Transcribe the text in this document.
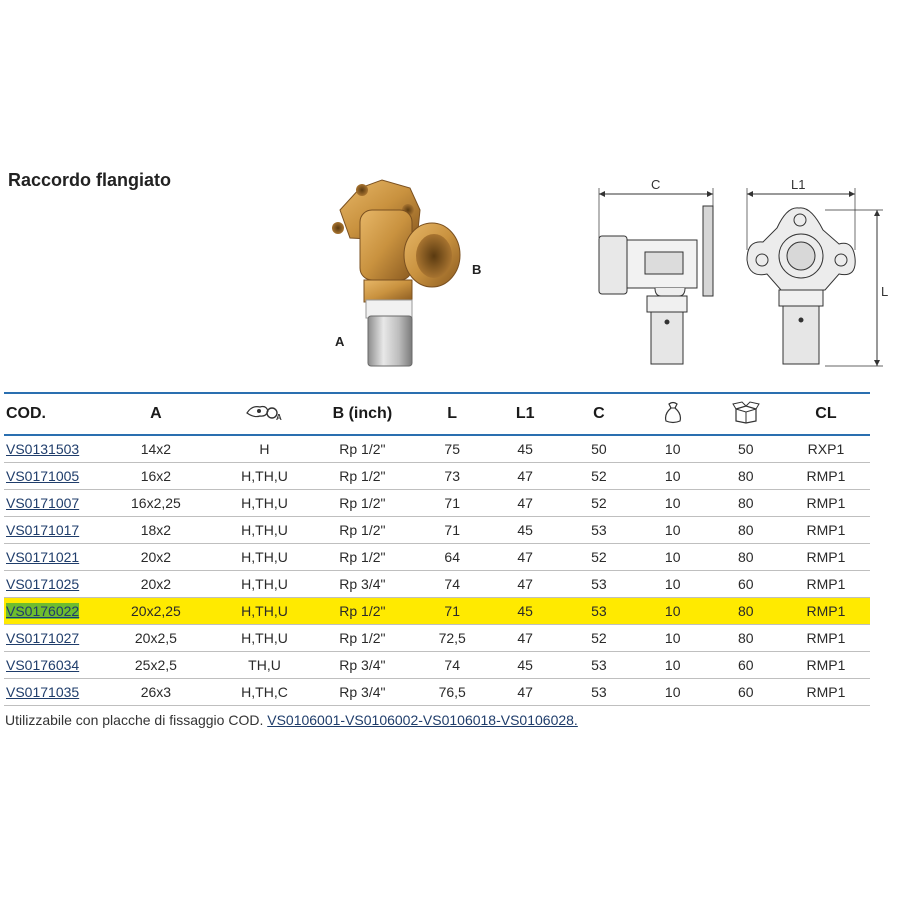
Raccordo flangiato
A
B
C	L1
L
COD.	A	A	B (inch)	L	L1	C			CL
VS0131503	14x2	H	Rp 1/2"	75	45	50	10	50	RXP1
VS0171005	16x2	H,TH,U	Rp 1/2"	73	47	52	10	80	RMP1
VS0171007	16x2,25	H,TH,U	Rp 1/2"	71	47	52	10	80	RMP1
VS0171017	18x2	H,TH,U	Rp 1/2"	71	45	53	10	80	RMP1
VS0171021	20x2	H,TH,U	Rp 1/2"	64	47	52	10	80	RMP1
VS0171025	20x2	H,TH,U	Rp 3/4"	74	47	53	10	60	RMP1
VS0176022	20x2,25	H,TH,U	Rp 1/2"	71	45	53	10	80	RMP1
VS0171027	20x2,5	H,TH,U	Rp 1/2"	72,5	47	52	10	80	RMP1
VS0176034	25x2,5	TH,U	Rp 3/4"	74	45	53	10	60	RMP1
VS0171035	26x3	H,TH,C	Rp 3/4"	76,5	47	53	10	60	RMP1
Utilizzabile con placche di fissaggio COD. VS0106001-VS0106002-VS0106018-VS0106028.
